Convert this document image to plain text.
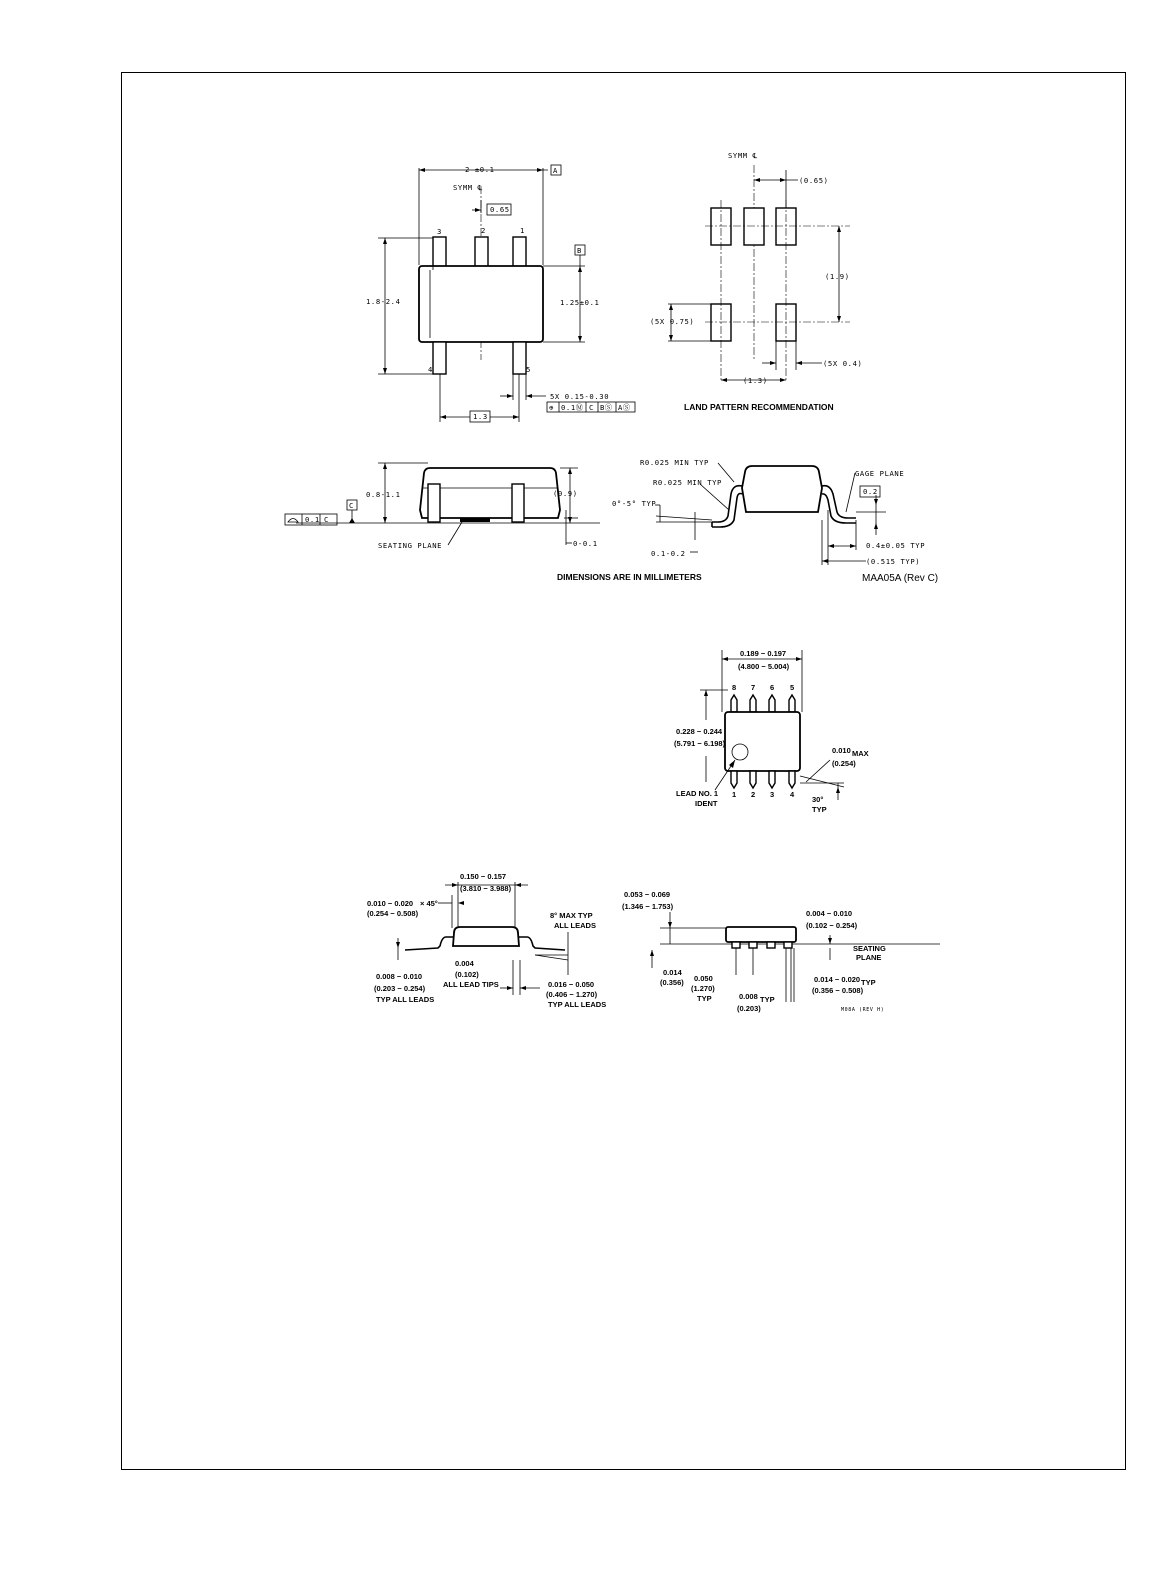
2 ±0.1	A
SYMM ℄
0.65
3	2	1
4	5
1.8-2.4
B
1.25±0.1
5X 0.15-0.30
⊕ 0.1Ⓜ C BⓈ AⓈ
1.3
SYMM ℄
(0.65)
(1.9)
(5X 0.75)
(5X 0.4)
(1.3)
LAND PATTERN RECOMMENDATION
0.8-1.1	(0.9)
0-0.1
0.1 C
C
SEATING PLANE
R0.025 MIN TYP
R0.025 MIN TYP
0°-5° TYP
0.1-0.2
GAGE PLANE
0.2
0.4±0.05 TYP
(0.515 TYP)
DIMENSIONS ARE IN MILLIMETERS	MAA05A (Rev C)
0.189 − 0.197
(4.800 − 5.004)
8 7 6 5
1 2 3 4
0.228 − 0.244
(5.791 − 6.198)
LEAD NO. 1
IDENT
0.010 MAX
(0.254)
30°
TYP
0.010 − 0.020 × 45°
(0.254 − 0.508)
0.150 − 0.157
(3.810 − 3.988)
8° MAX TYP
ALL LEADS
0.008 − 0.010
(0.203 − 0.254)
TYP ALL LEADS
0.004
(0.102)
ALL LEAD TIPS	0.016 − 0.050
(0.406 − 1.270)
TYP ALL LEADS
0.053 − 0.069
(1.346 − 1.753)
0.004 − 0.010
(0.102 − 0.254)
SEATING
PLANE
0.014
(0.356) 0.050
(1.270)
TYP
0.014 − 0.020 TYP
(0.356 − 0.508)
0.008 TYP
(0.203)	M08A (REV H)
